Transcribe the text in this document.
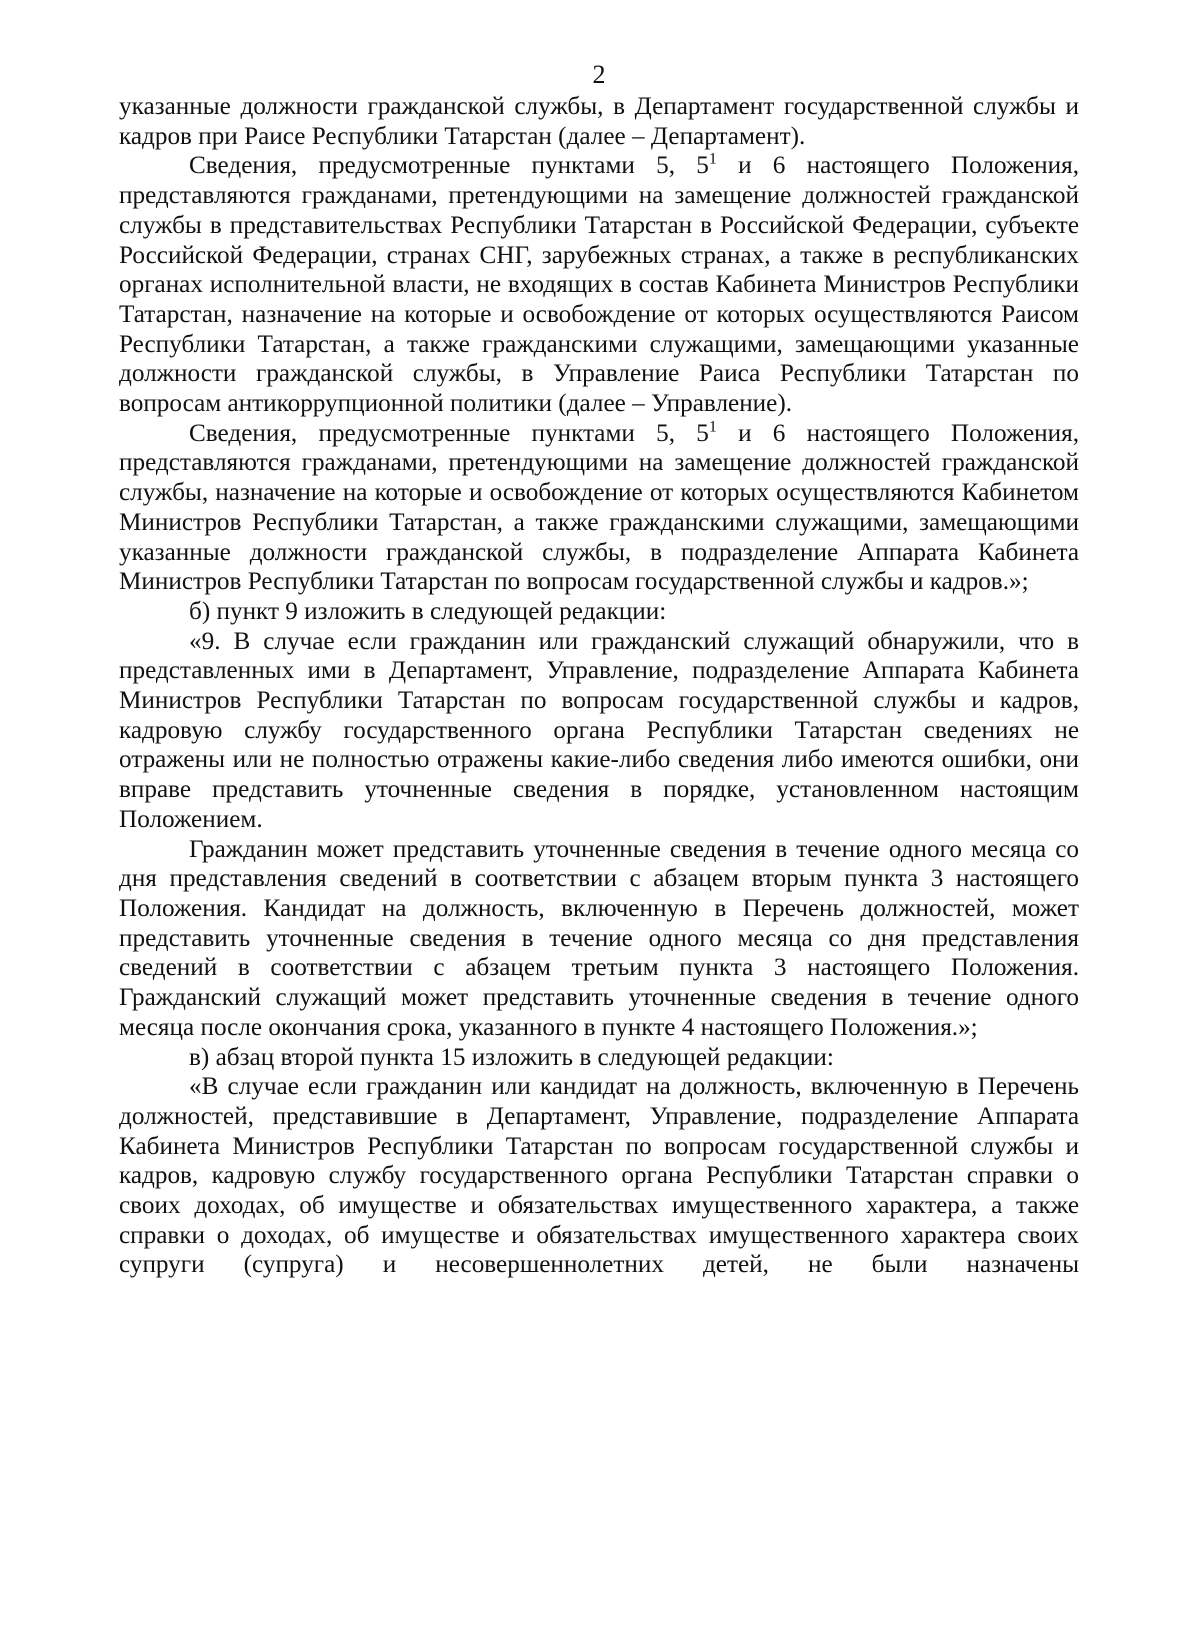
2

указанные должности гражданской службы, в Департамент государственной службы и кадров при Раисе Республики Татарстан (далее – Департамент).

Сведения, предусмотренные пунктами 5, $5^1$ и 6 настоящего Положения, представляются гражданами, претендующими на замещение должностей гражданской службы в представительствах Республики Татарстан в Российской Федерации, субъекте Российской Федерации, странах СНГ, зарубежных странах, а также в республиканских органах исполнительной власти, не входящих в состав Кабинета Министров Республики Татарстан, назначение на которые и освобождение от которых осуществляются Раисом Республики Татарстан, а также гражданскими служащими, замещающими указанные должности гражданской службы, в Управление Раиса Республики Татарстан по вопросам антикоррупционной политики (далее – Управление).

Сведения, предусмотренные пунктами 5, $5^1$ и 6 настоящего Положения, представляются гражданами, претендующими на замещение должностей гражданской службы, назначение на которые и освобождение от которых осуществляются Кабинетом Министров Республики Татарстан, а также гражданскими служащими, замещающими указанные должности гражданской службы, в подразделение Аппарата Кабинета Министров Республики Татарстан по вопросам государственной службы и кадров.»;

б) пункт 9 изложить в следующей редакции:

«9. В случае если гражданин или гражданский служащий обнаружили, что в представленных ими в Департамент, Управление, подразделение Аппарата Кабинета Министров Республики Татарстан по вопросам государственной службы и кадров, кадровую службу государственного органа Республики Татарстан сведениях не отражены или не полностью отражены какие-либо сведения либо имеются ошибки, они вправе представить уточненные сведения в порядке, установленном настоящим Положением.

Гражданин может представить уточненные сведения в течение одного месяца со дня представления сведений в соответствии с абзацем вторым пункта 3 настоящего Положения. Кандидат на должность, включенную в Перечень должностей, может представить уточненные сведения в течение одного месяца со дня представления сведений в соответствии с абзацем третьим пункта 3 настоящего Положения. Гражданский служащий может представить уточненные сведения в течение одного месяца после окончания срока, указанного в пункте 4 настоящего Положения.»;

в) абзац второй пункта 15 изложить в следующей редакции:

«В случае если гражданин или кандидат на должность, включенную в Перечень должностей, представившие в Департамент, Управление, подразделение Аппарата Кабинета Министров Республики Татарстан по вопросам государственной службы и кадров, кадровую службу государственного органа Республики Татарстан справки о своих доходах, об имуществе и обязательствах имущественного характера, а также справки о доходах, об имуществе и обязательствах имущественного характера своих супруги (супруга) и несовершеннолетних детей, не были назначены
